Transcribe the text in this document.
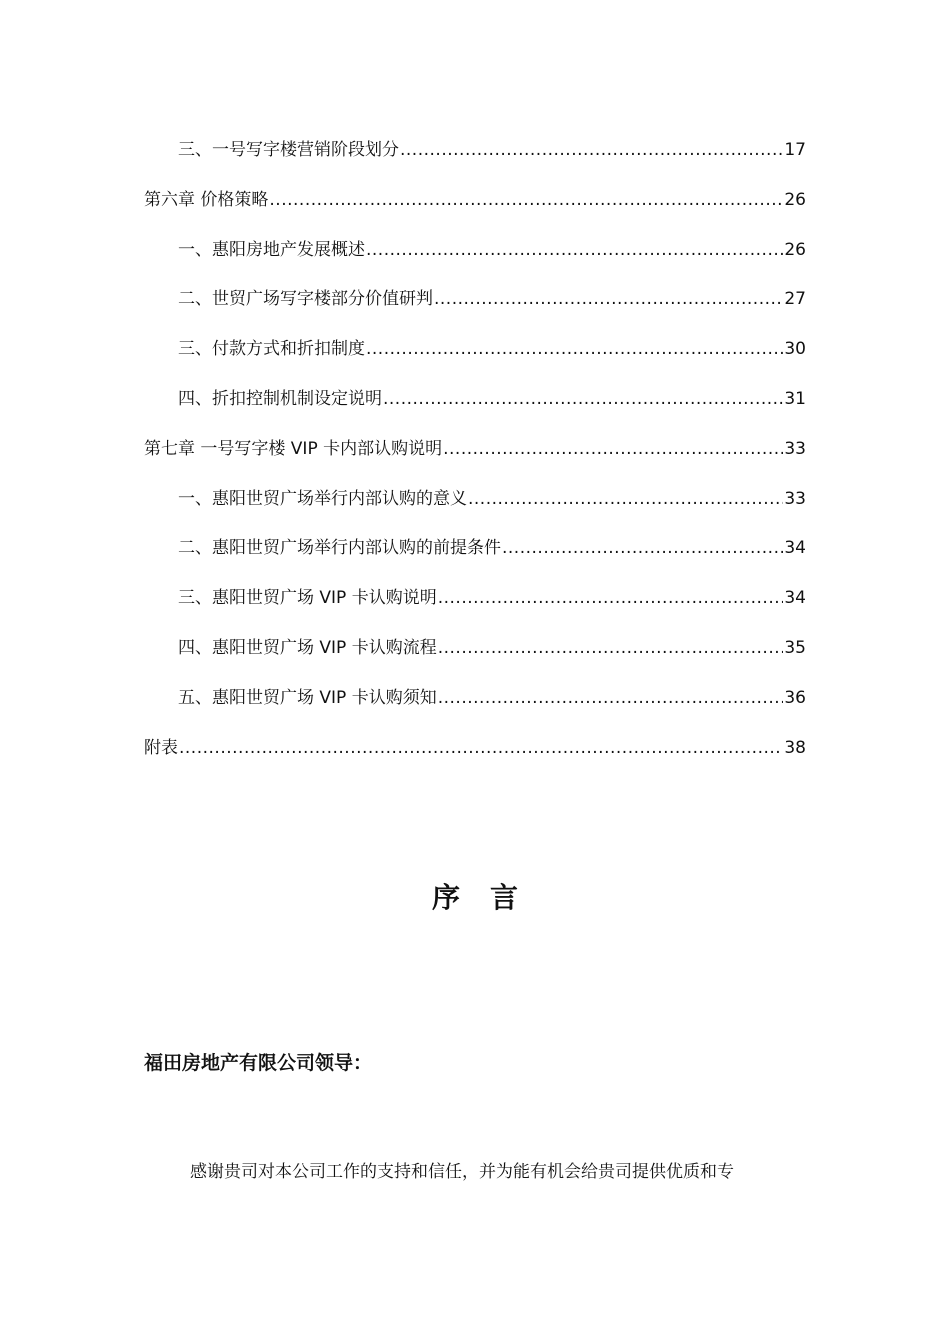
三、一号写字楼营销阶段划分 .....	17
第六章 价格策略 .....	26
一、惠阳房地产发展概述 .....	26
二、世贸广场写字楼部分价值研判 .....	27
三、付款方式和折扣制度 .....	30
四、折扣控制机制设定说明 .....	31
第七章 一号写字楼 VIP 卡内部认购说明 .....	33
一、惠阳世贸广场举行内部认购的意义 .....	33
二、惠阳世贸广场举行内部认购的前提条件 .....	34
三、惠阳世贸广场 VIP 卡认购说明 .....	34
四、惠阳世贸广场 VIP 卡认购流程 .....	35
五、惠阳世贸广场 VIP 卡认购须知 .....	36
附表 .....	38
序言

福田房地产有限公司领导：

感谢贵司对本公司工作的支持和信任，并为能有机会给贵司提供优质和专
